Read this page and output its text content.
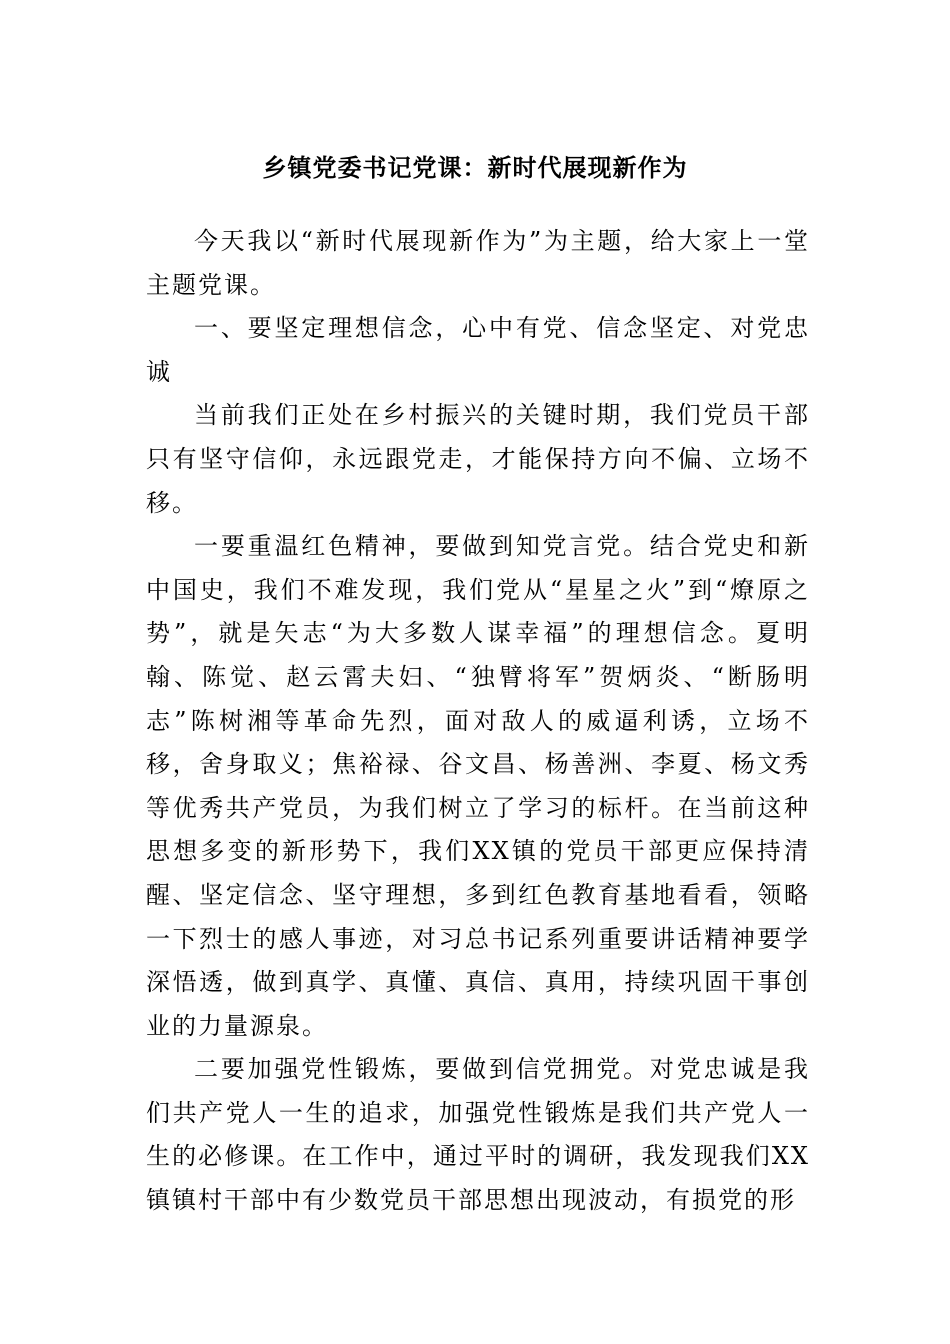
乡镇党委书记党课：新时代展现新作为

今天我以“新时代展现新作为”为主题，给大家上一堂主题党课。

一、要坚定理想信念，心中有党、信念坚定、对党忠诚

当前我们正处在乡村振兴的关键时期，我们党员干部只有坚守信仰，永远跟党走，才能保持方向不偏、立场不移。

一要重温红色精神，要做到知党言党。结合党史和新中国史，我们不难发现，我们党从“星星之火”到“燎原之势”，就是矢志“为大多数人谋幸福”的理想信念。夏明翰、陈觉、赵云霄夫妇、“独臂将军”贺炳炎、“断肠明志”陈树湘等革命先烈，面对敌人的威逼利诱，立场不移，舍身取义；焦裕禄、谷文昌、杨善洲、李夏、杨文秀等优秀共产党员，为我们树立了学习的标杆。在当前这种思想多变的新形势下，我们XX镇的党员干部更应保持清醒、坚定信念、坚守理想，多到红色教育基地看看，领略一下烈士的感人事迹，对习总书记系列重要讲话精神要学深悟透，做到真学、真懂、真信、真用，持续巩固干事创业的力量源泉。

二要加强党性锻炼，要做到信党拥党。对党忠诚是我们共产党人一生的追求，加强党性锻炼是我们共产党人一生的必修课。在工作中，通过平时的调研，我发现我们XX镇镇村干部中有少数党员干部思想出现波动，有损党的形
